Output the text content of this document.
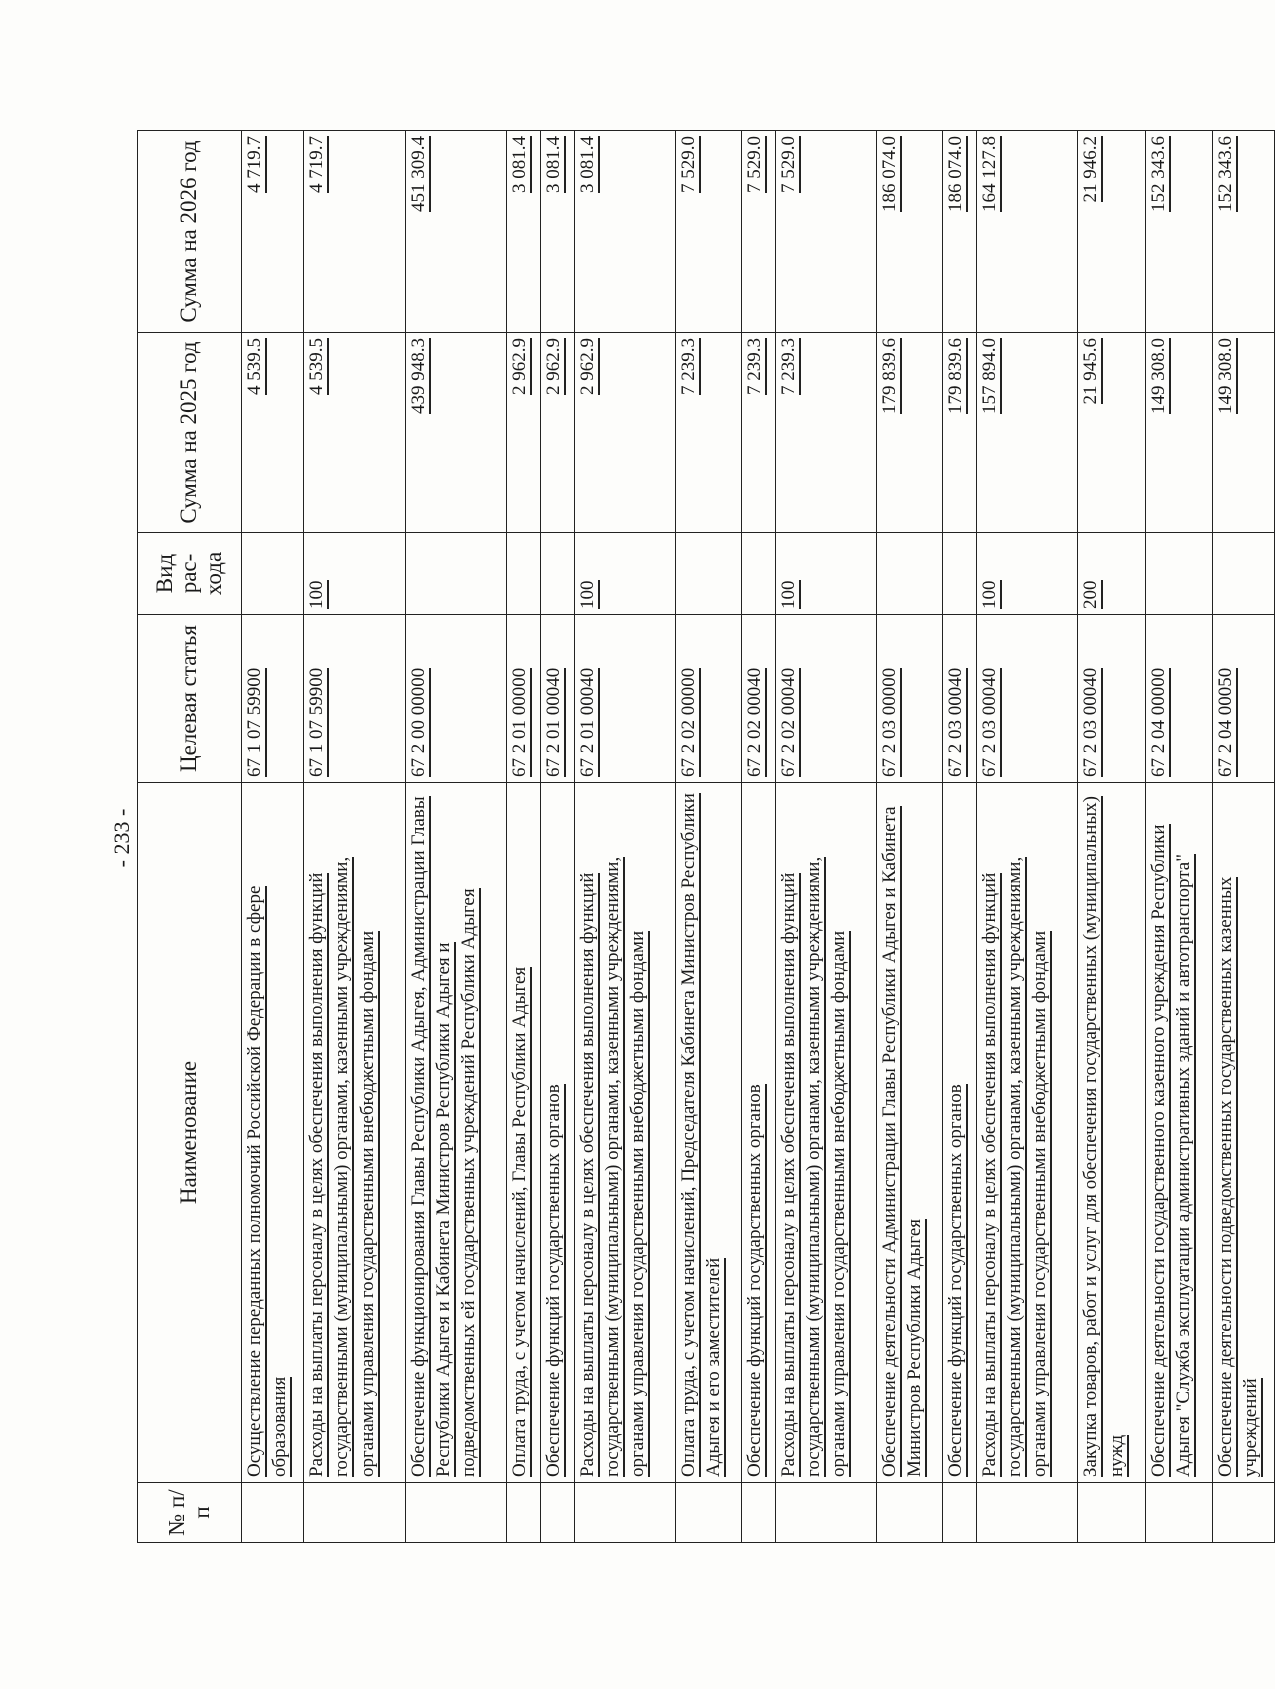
- 233 -
№ п/п	Наименование	Целевая статья	Вид рас-хода	Сумма на 2025 год	Сумма на 2026 год
	Осуществление переданных полномочий Российской Федерации в сфере образования	67 1 07 59900		4 539.5	4 719.7
	Расходы на выплаты персоналу в целях обеспечения выполнения функций государственными (муниципальными) органами, казенными учреждениями, органами управления государственными внебюджетными фондами	67 1 07 59900	100	4 539.5	4 719.7
	Обеспечение функционирования Главы Республики Адыгея, Администрации Главы Республики Адыгея и Кабинета Министров Республики Адыгея и подведомственных ей государственных учреждений Республики Адыгея	67 2 00 00000		439 948.3	451 309.4
	Оплата труда, с учетом начислений, Главы Республики Адыгея	67 2 01 00000		2 962.9	3 081.4
	Обеспечение функций государственных органов	67 2 01 00040		2 962.9	3 081.4
	Расходы на выплаты персоналу в целях обеспечения выполнения функций государственными (муниципальными) органами, казенными учреждениями, органами управления государственными внебюджетными фондами	67 2 01 00040	100	2 962.9	3 081.4
	Оплата труда, с учетом начислений, Председателя Кабинета Министров Республики Адыгея и его заместителей	67 2 02 00000		7 239.3	7 529.0
	Обеспечение функций государственных органов	67 2 02 00040		7 239.3	7 529.0
	Расходы на выплаты персоналу в целях обеспечения выполнения функций государственными (муниципальными) органами, казенными учреждениями, органами управления государственными внебюджетными фондами	67 2 02 00040	100	7 239.3	7 529.0
	Обеспечение деятельности Администрации Главы Республики Адыгея и Кабинета Министров Республики Адыгея	67 2 03 00000		179 839.6	186 074.0
	Обеспечение функций государственных органов	67 2 03 00040		179 839.6	186 074.0
	Расходы на выплаты персоналу в целях обеспечения выполнения функций государственными (муниципальными) органами, казенными учреждениями, органами управления государственными внебюджетными фондами	67 2 03 00040	100	157 894.0	164 127.8
	Закупка товаров, работ и услуг для обеспечения государственных (муниципальных) нужд	67 2 03 00040	200	21 945.6	21 946.2
	Обеспечение деятельности государственного казенного учреждения Республики Адыгея "Служба эксплуатации административных зданий и автотранспорта"	67 2 04 00000		149 308.0	152 343.6
	Обеспечение деятельности подведомственных государственных казенных учреждений	67 2 04 00050		149 308.0	152 343.6
